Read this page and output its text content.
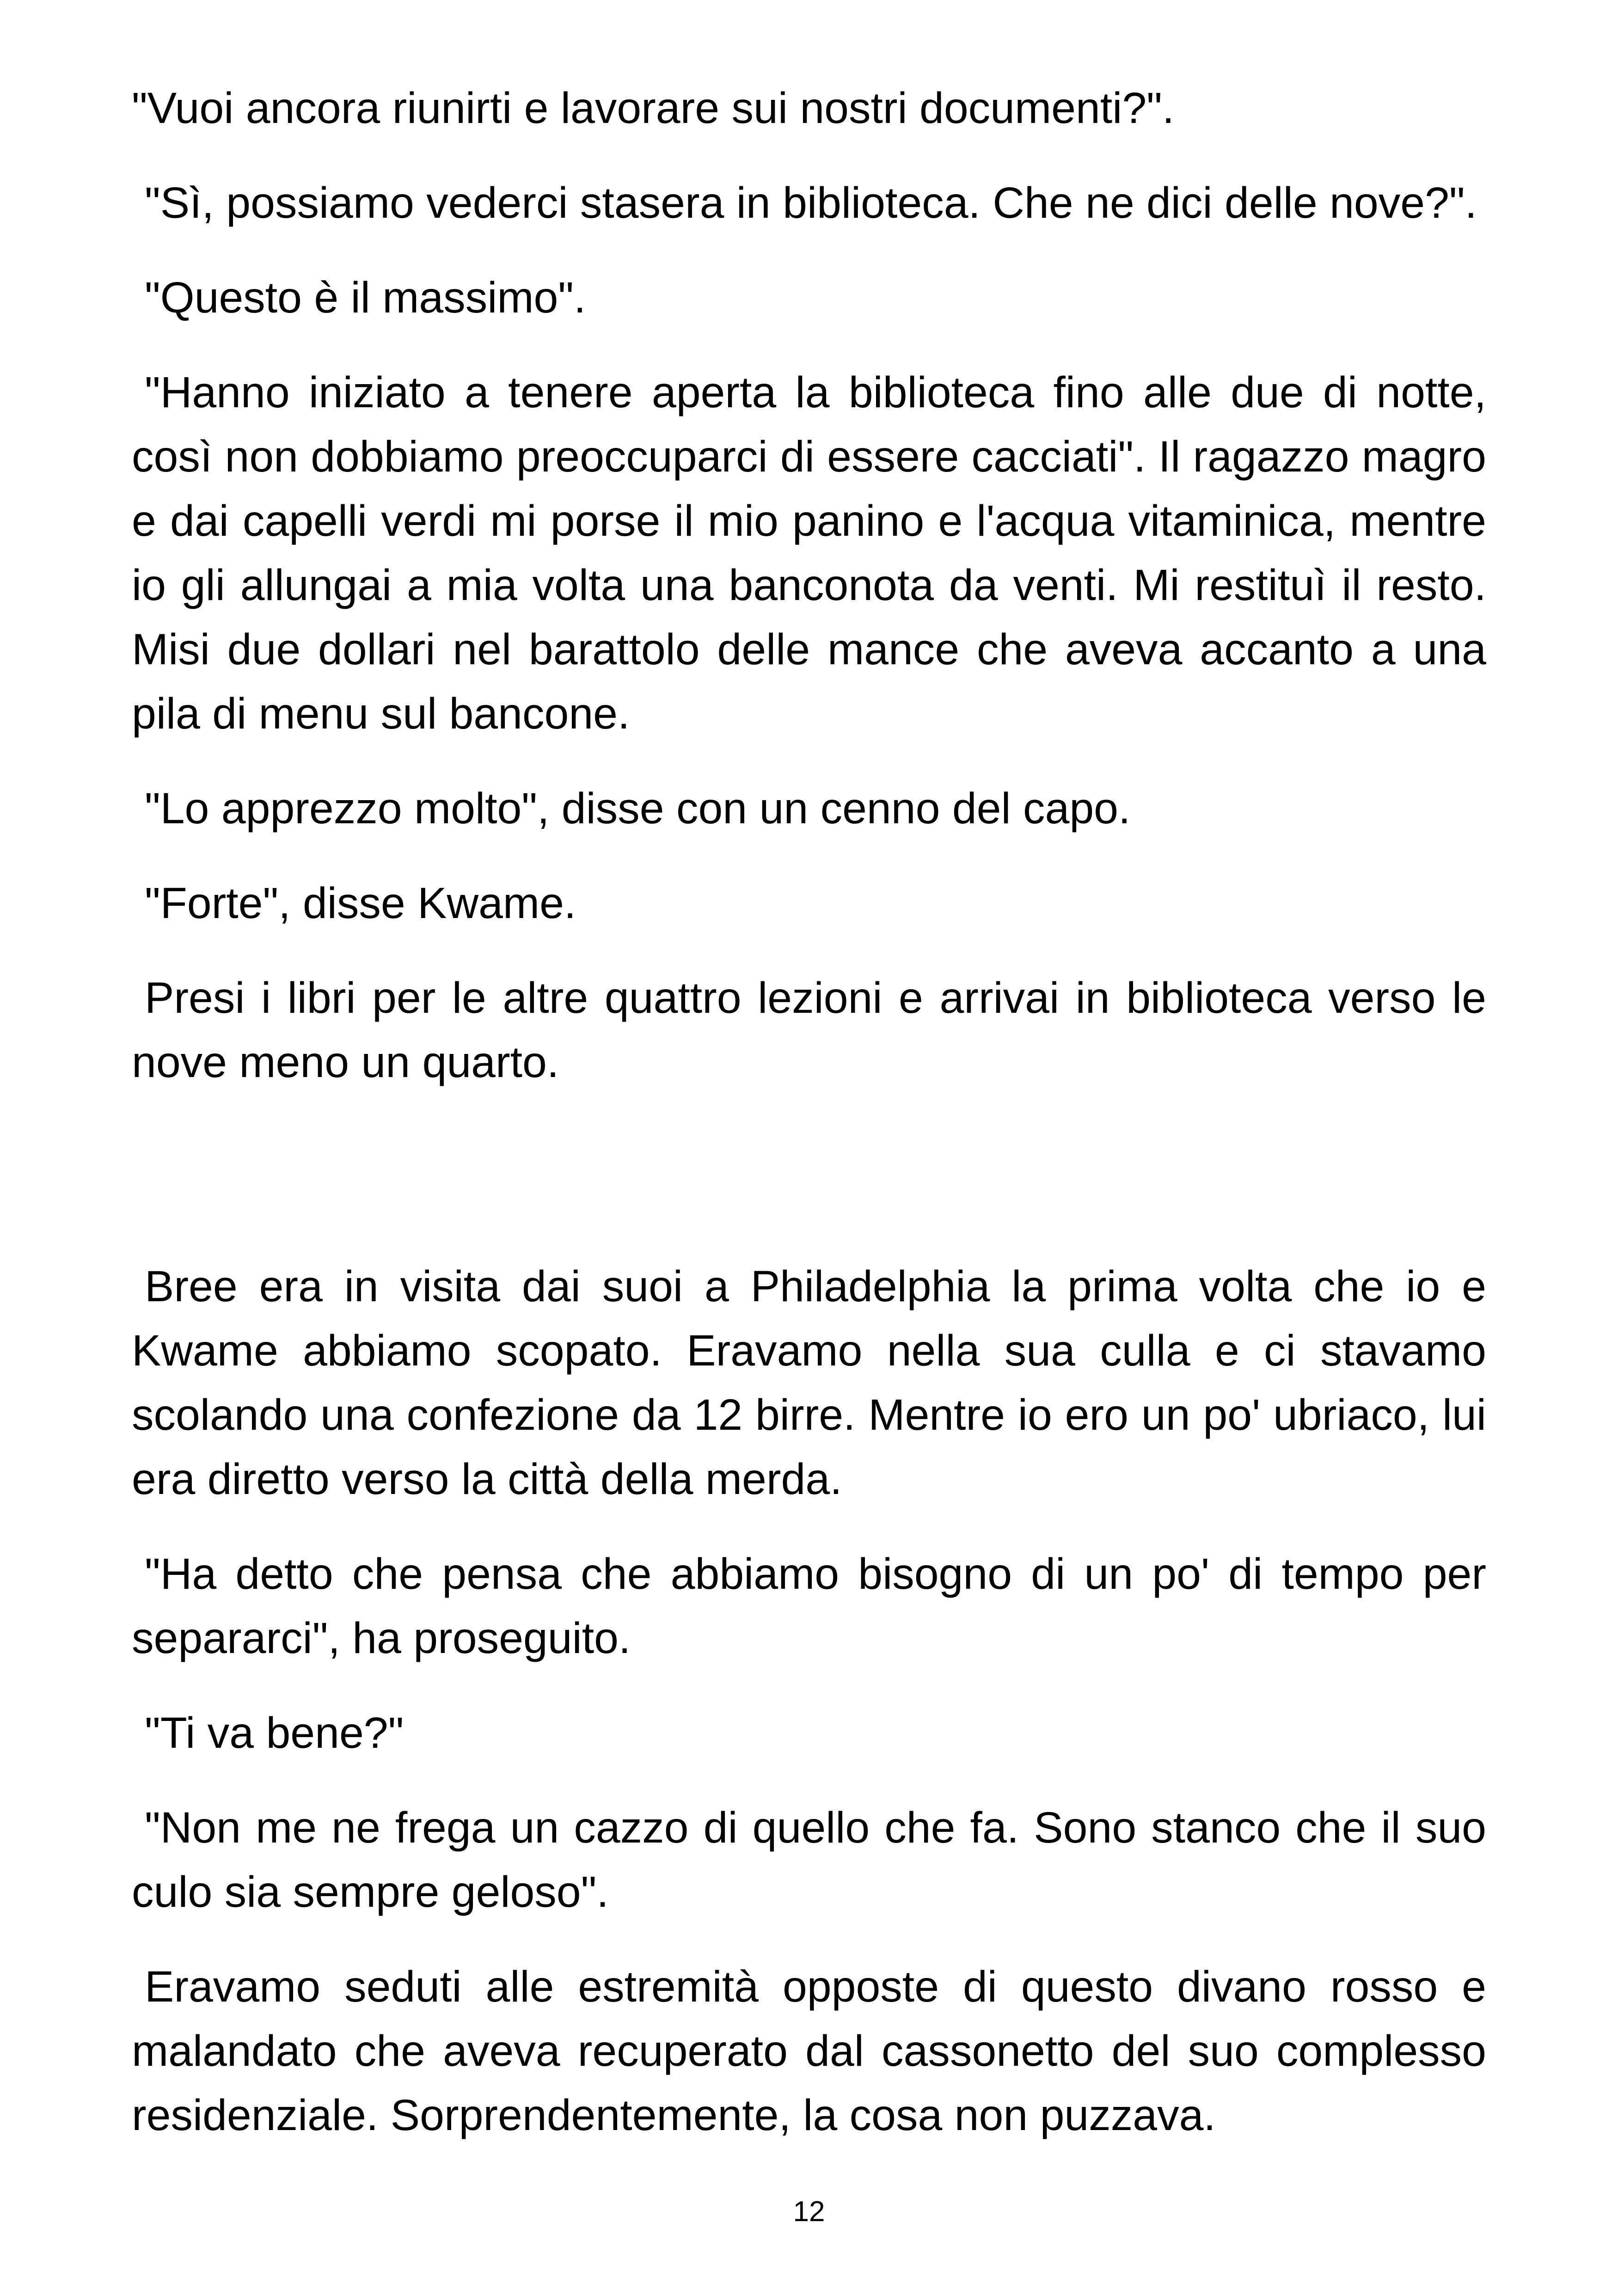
"Vuoi ancora riunirti e lavorare sui nostri documenti?".

"Sì, possiamo vederci stasera in biblioteca. Che ne dici delle nove?".

"Questo è il massimo".

"Hanno iniziato a tenere aperta la biblioteca fino alle due di notte, così non dobbiamo preoccuparci di essere cacciati". Il ragazzo magro e dai capelli verdi mi porse il mio panino e l'acqua vitaminica, mentre io gli allungai a mia volta una banconota da venti. Mi restituì il resto. Misi due dollari nel barattolo delle mance che aveva accanto a una pila di menu sul bancone.

"Lo apprezzo molto", disse con un cenno del capo.

"Forte", disse Kwame.

Presi i libri per le altre quattro lezioni e arrivai in biblioteca verso le nove meno un quarto.

Bree era in visita dai suoi a Philadelphia la prima volta che io e Kwame abbiamo scopato. Eravamo nella sua culla e ci stavamo scolando una confezione da 12 birre. Mentre io ero un po' ubriaco, lui era diretto verso la città della merda.

"Ha detto che pensa che abbiamo bisogno di un po' di tempo per separarci", ha proseguito.

"Ti va bene?"

"Non me ne frega un cazzo di quello che fa. Sono stanco che il suo culo sia sempre geloso".

Eravamo seduti alle estremità opposte di questo divano rosso e malandato che aveva recuperato dal cassonetto del suo complesso residenziale. Sorprendentemente, la cosa non puzzava.

12
